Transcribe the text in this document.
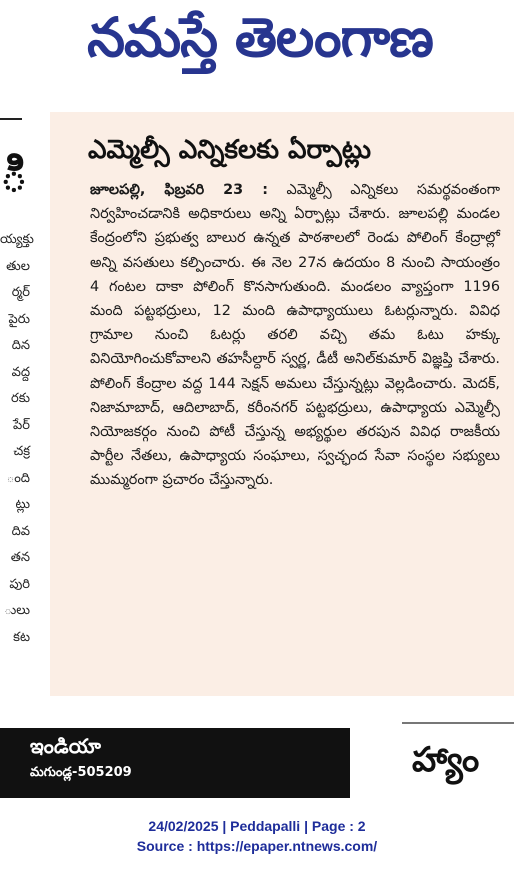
నమస్తే తెలంగాణ
ి
య్యక్తు
తుల
ర్మర్
పైరు
దిన
వద్ద
రకు
పేర్
చక్ర
ంది
ట్లు
దివ
తన
పురి
ులు
కట
ఎమ్మెల్సీ ఎన్నికలకు ఏర్పాట్లు

జూలపల్లి, ఫిబ్రవరి 23 : ఎమ్మెల్సీ ఎన్నికలు సమర్థవంతంగా నిర్వహించడానికి అధికారులు అన్ని ఏర్పాట్లు చేశారు. జూలపల్లి మండల కేంద్రంలోని ప్రభుత్వ బాలుర ఉన్నత పాఠశాలలో రెండు పోలింగ్ కేంద్రాల్లో అన్ని వసతులు కల్పించారు. ఈ నెల 27న ఉదయం 8 నుంచి సాయంత్రం 4 గంటల దాకా పోలింగ్ కొనసాగుతుంది. మండలం వ్యాప్తంగా 1196 మంది పట్టభద్రులు, 12 మంది ఉపాధ్యాయులు ఓటర్లున్నారు. వివిధ గ్రామాల నుంచి ఓటర్లు తరలి వచ్చి తమ ఓటు హక్కు వినియోగించుకోవాలని తహసీల్దార్ స్వర్ణ, డీటీ అనిల్‌కుమార్ విజ్ఞప్తి చేశారు. పోలింగ్ కేంద్రాల వద్ద 144 సెక్షన్ అమలు చేస్తున్నట్లు వెల్లడించారు. మెదక్, నిజామాబాద్, ఆదిలాబాద్, కరీంనగర్ పట్టభద్రులు, ఉపాధ్యాయ ఎమ్మెల్సీ నియోజకర్గం నుంచి పోటీ చేస్తున్న అభ్యర్థుల తరపున వివిధ రాజకీయ పార్టీల నేతలు, ఉపాధ్యాయ సంఘాలు, స్వచ్ఛంద సేవా సంస్థల సభ్యులు ముమ్మరంగా ప్రచారం చేస్తున్నారు.

ఇండియా
మగుండ్ల-505209	హ్యాం
24/02/2025 | Peddapalli | Page : 2
Source : https://epaper.ntnews.com/
